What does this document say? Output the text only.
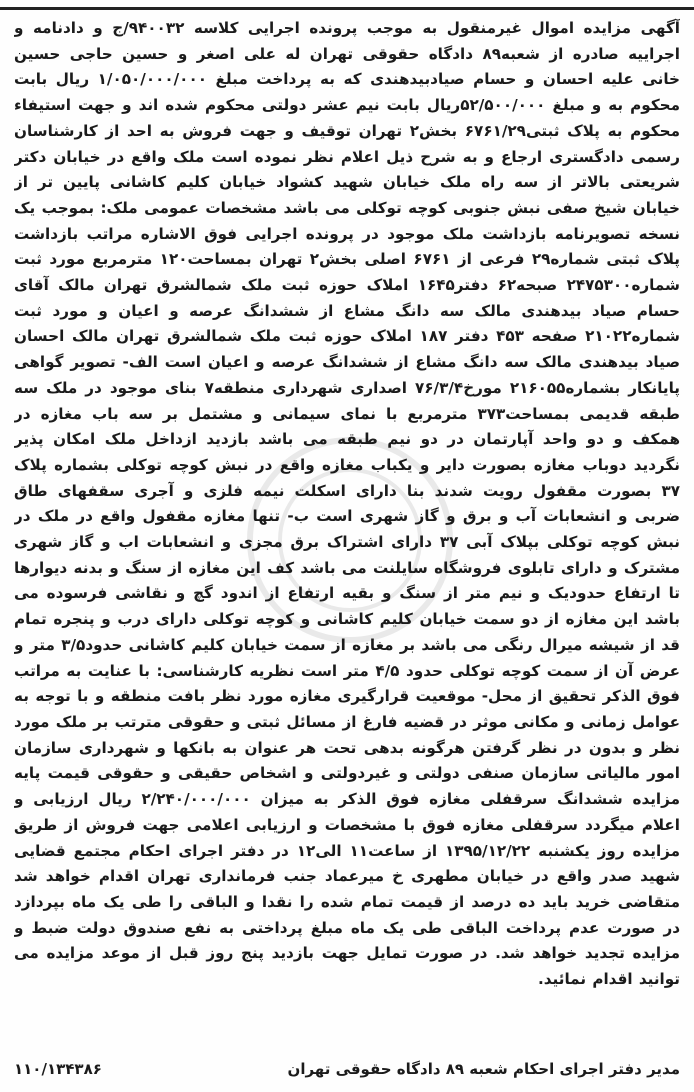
آگهی مزایده اموال غیرمنقول به موجب پرونده اجرایی کلاسه ۹۴۰۰۳۲/ج و دادنامه و اجراییه صادره از شعبه۸۹ دادگاه حقوقی تهران له علی اصغر و حسین حاجی حسین خانی علیه احسان و حسام صیادبیدهندی که به پرداخت مبلغ ۱/۰۵۰/۰۰۰/۰۰۰ ریال بابت محکوم به و مبلغ ۵۲/۵۰۰/۰۰۰ریال بابت نیم عشر دولتی محکوم شده اند و جهت استیفاء محکوم به پلاک ثبتی۶۷۶۱/۲۹ بخش۲ تهران توقیف و جهت فروش به احد از کارشناسان رسمی دادگستری ارجاع و به شرح ذیل اعلام نظر نموده است ملک واقع در خیابان دکتر شریعتی بالاتر از سه راه ملک خیابان شهید کشواد خیابان کلیم کاشانی پایین تر از خیابان شیخ صفی نبش جنوبی کوچه توکلی می باشد مشخصات عمومی ملک: بموجب یک نسخه تصویرنامه بازداشت ملک موجود در پرونده اجرایی فوق الاشاره مراتب بازداشت پلاک ثبتی شماره۲۹ فرعی از ۶۷۶۱ اصلی بخش۲ تهران بمساحت۱۲۰ مترمربع مورد ثبت شماره۲۴۷۵۳۰۰ صبحه۶۲ دفتر۱۶۴۵ املاک حوزه ثبت ملک شمالشرق تهران مالک آقای حسام صیاد بیدهندی مالک سه دانگ مشاع از ششدانگ عرصه و اعیان و مورد ثبت شماره۲۱۰۲۲ صفحه ۴۵۳ دفتر ۱۸۷ املاک حوزه ثبت ملک شمالشرق تهران مالک احسان صیاد بیدهندی مالک سه دانگ مشاع از ششدانگ عرصه و اعیان است الف- تصویر گواهی پایانکار بشماره۲۱۶۰۵۵ مورخ۷۶/۳/۴ اصداری شهرداری منطقه۷ بنای موجود در ملک سه طبقه قدیمی بمساحت۳۷۳ مترمربع با نمای سیمانی و مشتمل بر سه باب مغازه در همکف و دو واحد آپارتمان در دو نیم طبقه می باشد بازدید ازداخل ملک امکان پذیر نگردید دوباب مغازه بصورت دایر و یکباب مغازه واقع در نبش کوچه توکلی بشماره پلاک ۳۷ بصورت مقفول رویت شدند بنا دارای اسکلت نیمه فلزی و آجری سقفهای طاق ضربی و انشعابات آب و برق و گاز شهری است ب- تنها مغازه مقفول واقع در ملک در نبش کوچه توکلی بپلاک آبی ۳۷ دارای اشتراک برق مجزی و انشعابات اب و گاز شهری مشترک و دارای تابلوی فروشگاه سایلنت می باشد کف این مغازه از سنگ و بدنه دیوارها تا ارتفاع حدودیک و نیم متر از سنگ و بقیه ارتفاع از اندود گچ و نقاشی فرسوده می باشد این مغازه از دو سمت خیابان کلیم کاشانی و کوچه توکلی دارای درب و پنجره تمام قد از شیشه میرال رنگی می باشد بر مغازه از سمت خیابان کلیم کاشانی حدود۳/۵ متر و عرض آن از سمت کوچه توکلی حدود ۴/۵ متر است نظریه کارشناسی: با عنایت به مراتب فوق الذکر تحقیق از محل- موقعیت قرارگیری مغازه مورد نظر بافت منطقه و با توجه به عوامل زمانی و مکانی موثر در قضیه فارغ از مسائل ثبتی و حقوقی مترتب بر ملک مورد نظر و بدون در نظر گرفتن هرگونه بدهی تحت هر عنوان به بانکها و شهرداری سازمان امور مالیاتی سازمان صنفی دولتی و غیردولتی و اشخاص حقیقی و حقوقی قیمت پایه مزایده ششدانگ سرقفلی مغازه فوق الذکر به میزان ۲/۲۴۰/۰۰۰/۰۰۰ ریال ارزیابی و اعلام میگردد سرقفلی مغازه فوق با مشخصات و ارزیابی اعلامی جهت فروش از طریق مزایده روز یکشنبه ۱۳۹۵/۱۲/۲۲ از ساعت۱۱ الی۱۲ در دفتر اجرای احکام مجتمع قضایی شهید صدر واقع در خیابان مطهری خ میرعماد جنب فرمانداری تهران اقدام خواهد شد متقاضی خرید باید ده درصد از قیمت تمام شده را نقدا و الباقی را طی یک ماه بپردازد در صورت عدم پرداخت الباقی طی یک ماه مبلغ پرداختی به نفع صندوق دولت ضبط و مزایده تجدید خواهد شد. در صورت تمایل جهت بازدید پنج روز قبل از موعد مزایده می توانید اقدام نمائید.
مدیر دفتر اجرای احکام شعبه ۸۹ دادگاه حقوقی تهران
۱۱۰/۱۳۴۳۸۶
